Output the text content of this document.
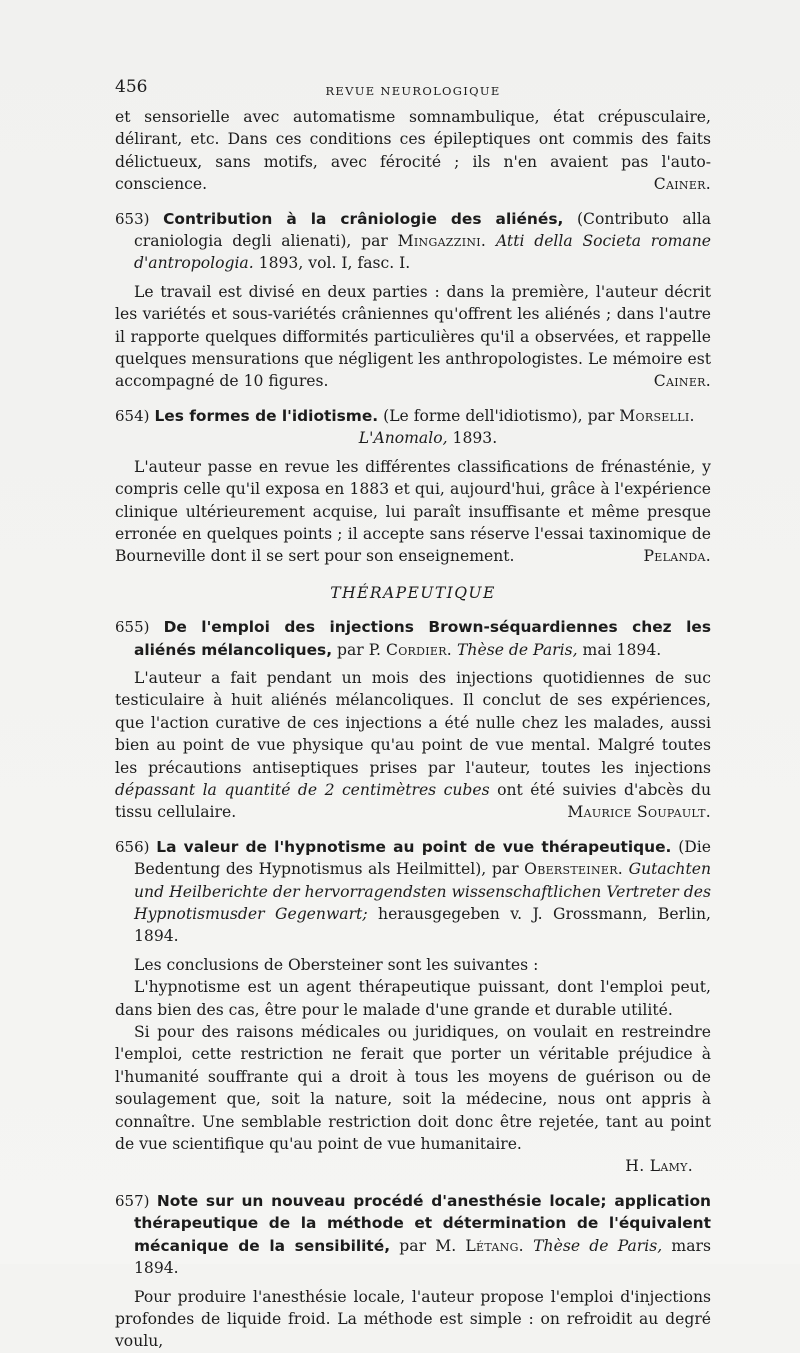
456	REVUE NEUROLOGIQUE

et sensorielle avec automatisme somnambulique, état crépusculaire, délirant, etc. Dans ces conditions ces épileptiques ont commis des faits délictueux, sans motifs, avec férocité ; ils n'en avaient pas l'auto-conscience.	Cainer.

653) Contribution à la crâniologie des aliénés, (Contributo alla craniologia degli alienati), par Mingazzini. Atti della Societa romane d'antropologia. 1893, vol. I, fasc. I.

Le travail est divisé en deux parties : dans la première, l'auteur décrit les variétés et sous-variétés crâniennes qu'offrent les aliénés ; dans l'autre il rapporte quelques difformités particulières qu'il a observées, et rappelle quelques mensurations que négligent les anthropologistes. Le mémoire est accompagné de 10 figures.	Cainer.

654) Les formes de l'idiotisme. (Le forme dell'idiotismo), par Morselli.

L'Anomalo, 1893.

L'auteur passe en revue les différentes classifications de frénasténie, y compris celle qu'il exposa en 1883 et qui, aujourd'hui, grâce à l'expérience clinique ultérieurement acquise, lui paraît insuffisante et même presque erronée en quelques points ; il accepte sans réserve l'essai taxinomique de Bourneville dont il se sert pour son enseignement.	Pelanda.

THÉRAPEUTIQUE

655) De l'emploi des injections Brown-séquardiennes chez les aliénés mélancoliques, par P. Cordier. Thèse de Paris, mai 1894.

L'auteur a fait pendant un mois des injections quotidiennes de suc testiculaire à huit aliénés mélancoliques. Il conclut de ses expériences, que l'action curative de ces injections a été nulle chez les malades, aussi bien au point de vue physique qu'au point de vue mental. Malgré toutes les précautions antiseptiques prises par l'auteur, toutes les injections dépassant la quantité de 2 centimètres cubes ont été suivies d'abcès du tissu cellulaire.	Maurice Soupault.

656) La valeur de l'hypnotisme au point de vue thérapeutique. (Die Bedentung des Hypnotismus als Heilmittel), par Obersteiner. Gutachten und Heilberichte der hervorragendsten wissenschaftlichen Vertreter des Hypnotismusder Gegenwart; herausgegeben v. J. Grossmann, Berlin, 1894.

Les conclusions de Obersteiner sont les suivantes :

L'hypnotisme est un agent thérapeutique puissant, dont l'emploi peut, dans bien des cas, être pour le malade d'une grande et durable utilité.

Si pour des raisons médicales ou juridiques, on voulait en restreindre l'emploi, cette restriction ne ferait que porter un véritable préjudice à l'humanité souffrante qui a droit à tous les moyens de guérison ou de soulagement que, soit la nature, soit la médecine, nous ont appris à connaître. Une semblable restriction doit donc être rejetée, tant au point de vue scientifique qu'au point de vue humanitaire.

H. Lamy.

657) Note sur un nouveau procédé d'anesthésie locale; application thérapeutique de la méthode et détermination de l'équivalent mécanique de la sensibilité, par M. Létang. Thèse de Paris, mars 1894.

Pour produire l'anesthésie locale, l'auteur propose l'emploi d'injections profondes de liquide froid. La méthode est simple : on refroidit au degré voulu,
